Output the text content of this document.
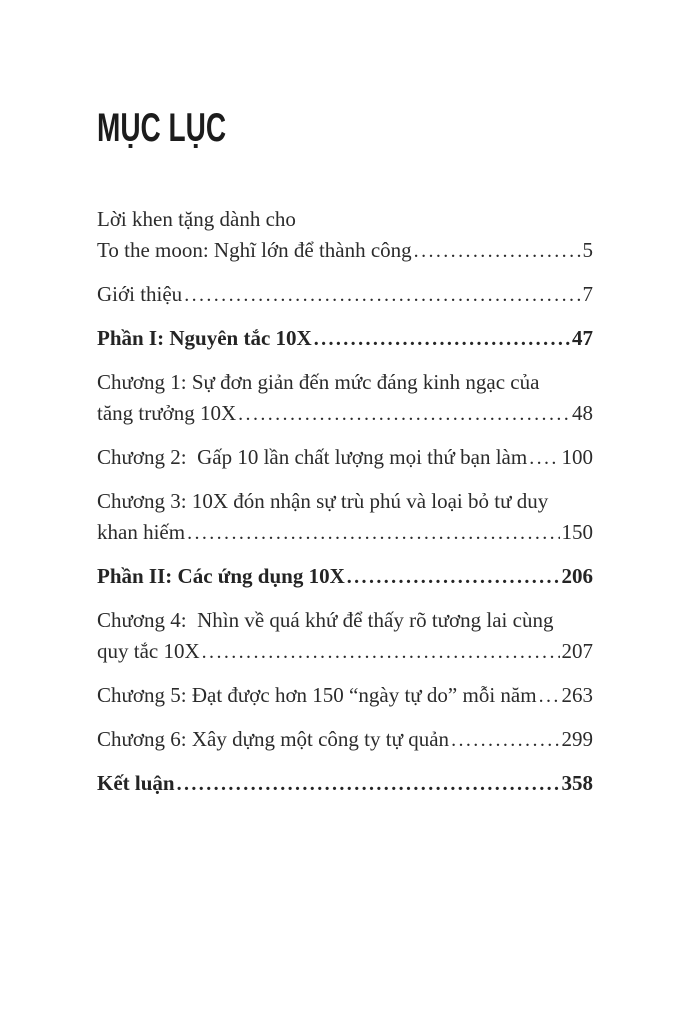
MỤC LỤC
Lời khen tặng dành cho
To the moon: Nghĩ lớn để thành công .....	5
Giới thiệu .....	7
Phần I: Nguyên tắc 10X .....	47
Chương 1: Sự đơn giản đến mức đáng kinh ngạc của
tăng trưởng 10X .....	48
Chương 2:  Gấp 10 lần chất lượng mọi thứ bạn làm ..... 100
Chương 3: 10X đón nhận sự trù phú và loại bỏ tư duy
khan hiếm .....	150
Phần II: Các ứng dụng 10X .....	206
Chương 4:  Nhìn về quá khứ để thấy rõ tương lai cùng
quy tắc 10X .....	207
Chương 5: Đạt được hơn 150 “ngày tự do” mỗi năm ..... 263
Chương 6: Xây dựng một công ty tự quản .....	299
Kết luận .....	358
